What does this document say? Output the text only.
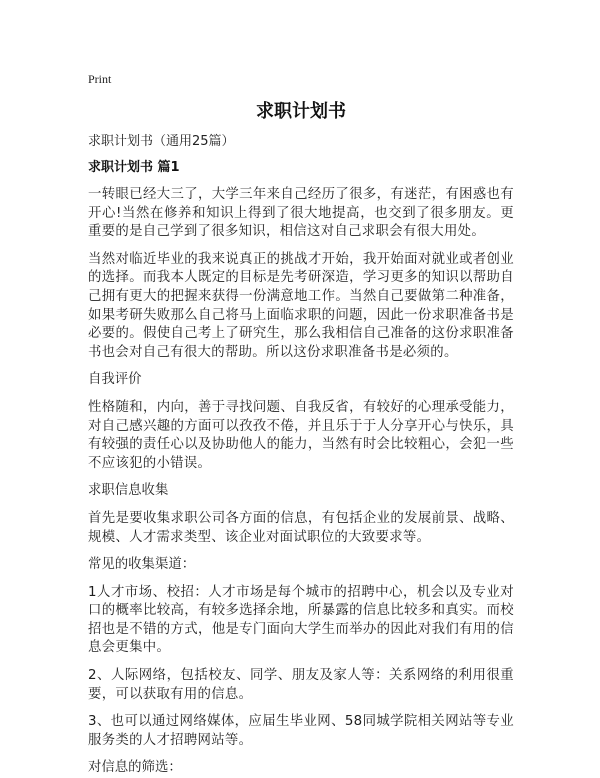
Print

求职计划书

求职计划书（通用25篇）

求职计划书 篇1

一转眼已经大三了，大学三年来自己经历了很多，有迷茫，有困惑也有开心!当然在修养和知识上得到了很大地提高，也交到了很多朋友。更重要的是自己学到了很多知识，相信这对自己求职会有很大用处。

当然对临近毕业的我来说真正的挑战才开始，我开始面对就业或者创业的选择。而我本人既定的目标是先考研深造，学习更多的知识以帮助自己拥有更大的把握来获得一份满意地工作。当然自己要做第二种准备，如果考研失败那么自己将马上面临求职的问题，因此一份求职准备书是必要的。假使自己考上了研究生，那么我相信自己准备的这份求职准备书也会对自己有很大的帮助。所以这份求职准备书是必须的。

自我评价

性格随和，内向，善于寻找问题、自我反省，有较好的心理承受能力，对自己感兴趣的方面可以孜孜不倦，并且乐于于人分享开心与快乐，具有较强的责任心以及协助他人的能力，当然有时会比较粗心，会犯一些不应该犯的小错误。

求职信息收集

首先是要收集求职公司各方面的信息，有包括企业的发展前景、战略、规模、人才需求类型、该企业对面试职位的大致要求等。

常见的收集渠道：

1人才市场、校招：人才市场是每个城市的招聘中心，机会以及专业对口的概率比较高，有较多选择余地，所暴露的信息比较多和真实。而校招也是不错的方式，他是专门面向大学生而举办的因此对我们有用的信息会更集中。

2、人际网络，包括校友、同学、朋友及家人等：关系网络的利用很重要，可以获取有用的信息。

3、也可以通过网络媒体，应届生毕业网、58同城学院相关网站等专业服务类的人才招聘网站等。

对信息的筛选：
